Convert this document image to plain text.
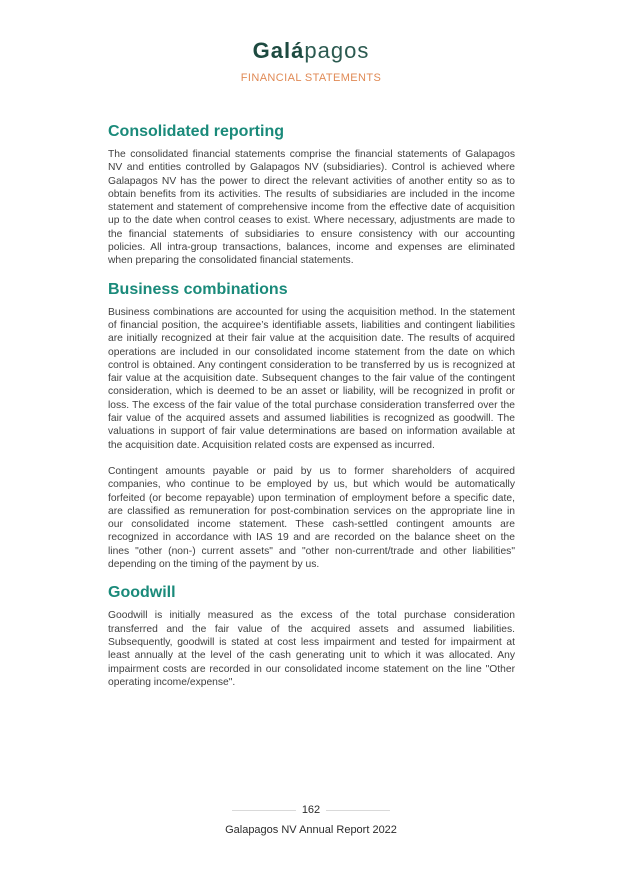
Galápagos
FINANCIAL STATEMENTS
Consolidated reporting

The consolidated financial statements comprise the financial statements of Galapagos NV and entities controlled by Galapagos NV (subsidiaries). Control is achieved where Galapagos NV has the power to direct the relevant activities of another entity so as to obtain benefits from its activities. The results of subsidiaries are included in the income statement and statement of comprehensive income from the effective date of acquisition up to the date when control ceases to exist. Where necessary, adjustments are made to the financial statements of subsidiaries to ensure consistency with our accounting policies. All intra-group transactions, balances, income and expenses are eliminated when preparing the consolidated financial statements.

Business combinations

Business combinations are accounted for using the acquisition method. In the statement of financial position, the acquiree’s identifiable assets, liabilities and contingent liabilities are initially recognized at their fair value at the acquisition date. The results of acquired operations are included in our consolidated income statement from the date on which control is obtained. Any contingent consideration to be transferred by us is recognized at fair value at the acquisition date. Subsequent changes to the fair value of the contingent consideration, which is deemed to be an asset or liability, will be recognized in profit or loss. The excess of the fair value of the total purchase consideration transferred over the fair value of the acquired assets and assumed liabilities is recognized as goodwill. The valuations in support of fair value determinations are based on information available at the acquisition date. Acquisition related costs are expensed as incurred.

Contingent amounts payable or paid by us to former shareholders of acquired companies, who continue to be employed by us, but which would be automatically forfeited (or become repayable) upon termination of employment before a specific date, are classified as remuneration for post-combination services on the appropriate line in our consolidated income statement. These cash-settled contingent amounts are recognized in accordance with IAS 19 and are recorded on the balance sheet on the lines "other (non-) current assets" and "other non-current/trade and other liabilities" depending on the timing of the payment by us.

Goodwill

Goodwill is initially measured as the excess of the total purchase consideration transferred and the fair value of the acquired assets and assumed liabilities. Subsequently, goodwill is stated at cost less impairment and tested for impairment at least annually at the level of the cash generating unit to which it was allocated. Any impairment costs are recorded in our consolidated income statement on the line "Other operating income/expense".

162
Galapagos NV Annual Report 2022
